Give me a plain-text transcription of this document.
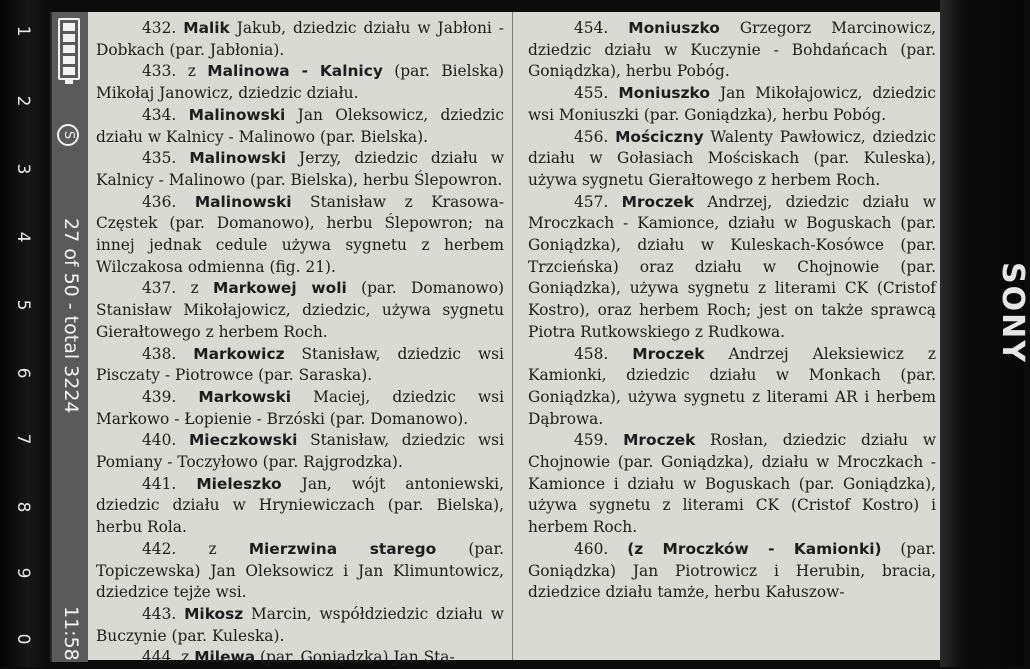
1
2
3
4
5
6
7
8
9
0
S
27 of 50 - total 3224
11:58

432. Malik Jakub, dziedzic działu w Jabłoni - Dobkach (par. Jabłonia).

433. z Malinowa - Kalnicy (par. Bielska) Mikołaj Janowicz, dziedzic działu.

434. Malinowski Jan Oleksowicz, dziedzic działu w Kalnicy - Malinowo (par. Bielska).

435. Malinowski Jerzy, dziedzic działu w Kalnicy - Malinowo (par. Bielska), herbu Ślepowron.

436. Malinowski Stanisław z Krasowa-Częstek (par. Domanowo), herbu Ślepowron; na innej jednak cedule używa sygnetu z herbem Wilczakosa odmienna (fig. 21).

437. z Markowej woli (par. Domanowo) Stanisław Mikołajowicz, dziedzic, używa sygnetu Gierałtowego z herbem Roch.

438. Markowicz Stanisław, dziedzic wsi Pisczaty - Piotrowce (par. Saraska).

439. Markowski Maciej, dziedzic wsi Markowo - Łopienie - Brzóski (par. Domanowo).

440. Mieczkowski Stanisław, dziedzic wsi Pomiany - Toczyłowo (par. Rajgrodzka).

441. Mieleszko Jan, wójt antoniewski, dziedzic działu w Hryniewiczach (par. Bielska), herbu Rola.

442. z Mierzwina starego (par. Topiczewska) Jan Oleksowicz i Jan Klimuntowicz, dziedzice tejże wsi.

443. Mikosz Marcin, współdziedzic działu w Buczynie (par. Kuleska).

444. z Milewa (par. Goniądzka) Jan Sta-

454. Moniuszko Grzegorz Marcinowicz, dziedzic działu w Kuczynie - Bohdańcach (par. Goniądzka), herbu Pobóg.

455. Moniuszko Jan Mikołajowicz, dziedzic wsi Moniuszki (par. Goniądzka), herbu Pobóg.

456. Mościczny Walenty Pawłowicz, dziedzic działu w Gołasiach Mościskach (par. Kuleska), używa sygnetu Gierałtowego z herbem Roch.

457. Mroczek Andrzej, dziedzic działu w Mroczkach - Kamionce, działu w Boguskach (par. Goniądzka), działu w Kuleskach-Kosówce (par. Trzcieńska) oraz działu w Chojnowie (par. Goniądzka), używa sygnetu z literami CK (Cristof Kostro), oraz herbem Roch; jest on także sprawcą Piotra Rutkowskiego z Rudkowa.

458. Mroczek Andrzej Aleksiewicz z Kamionki, dziedzic działu w Monkach (par. Goniądzka), używa sygnetu z literami AR i herbem Dąbrowa.

459. Mroczek Rosłan, dziedzic działu w Chojnowie (par. Goniądzka), działu w Mroczkach - Kamionce i działu w Boguskach (par. Goniądzka), używa sygnetu z literami CK (Cristof Kostro) i herbem Roch.

460. (z Mroczków - Kamionki) (par. Goniądzka) Jan Piotrowicz i Herubin, bracia, dziedzice działu tamże, herbu Kałuszow-

SONY
